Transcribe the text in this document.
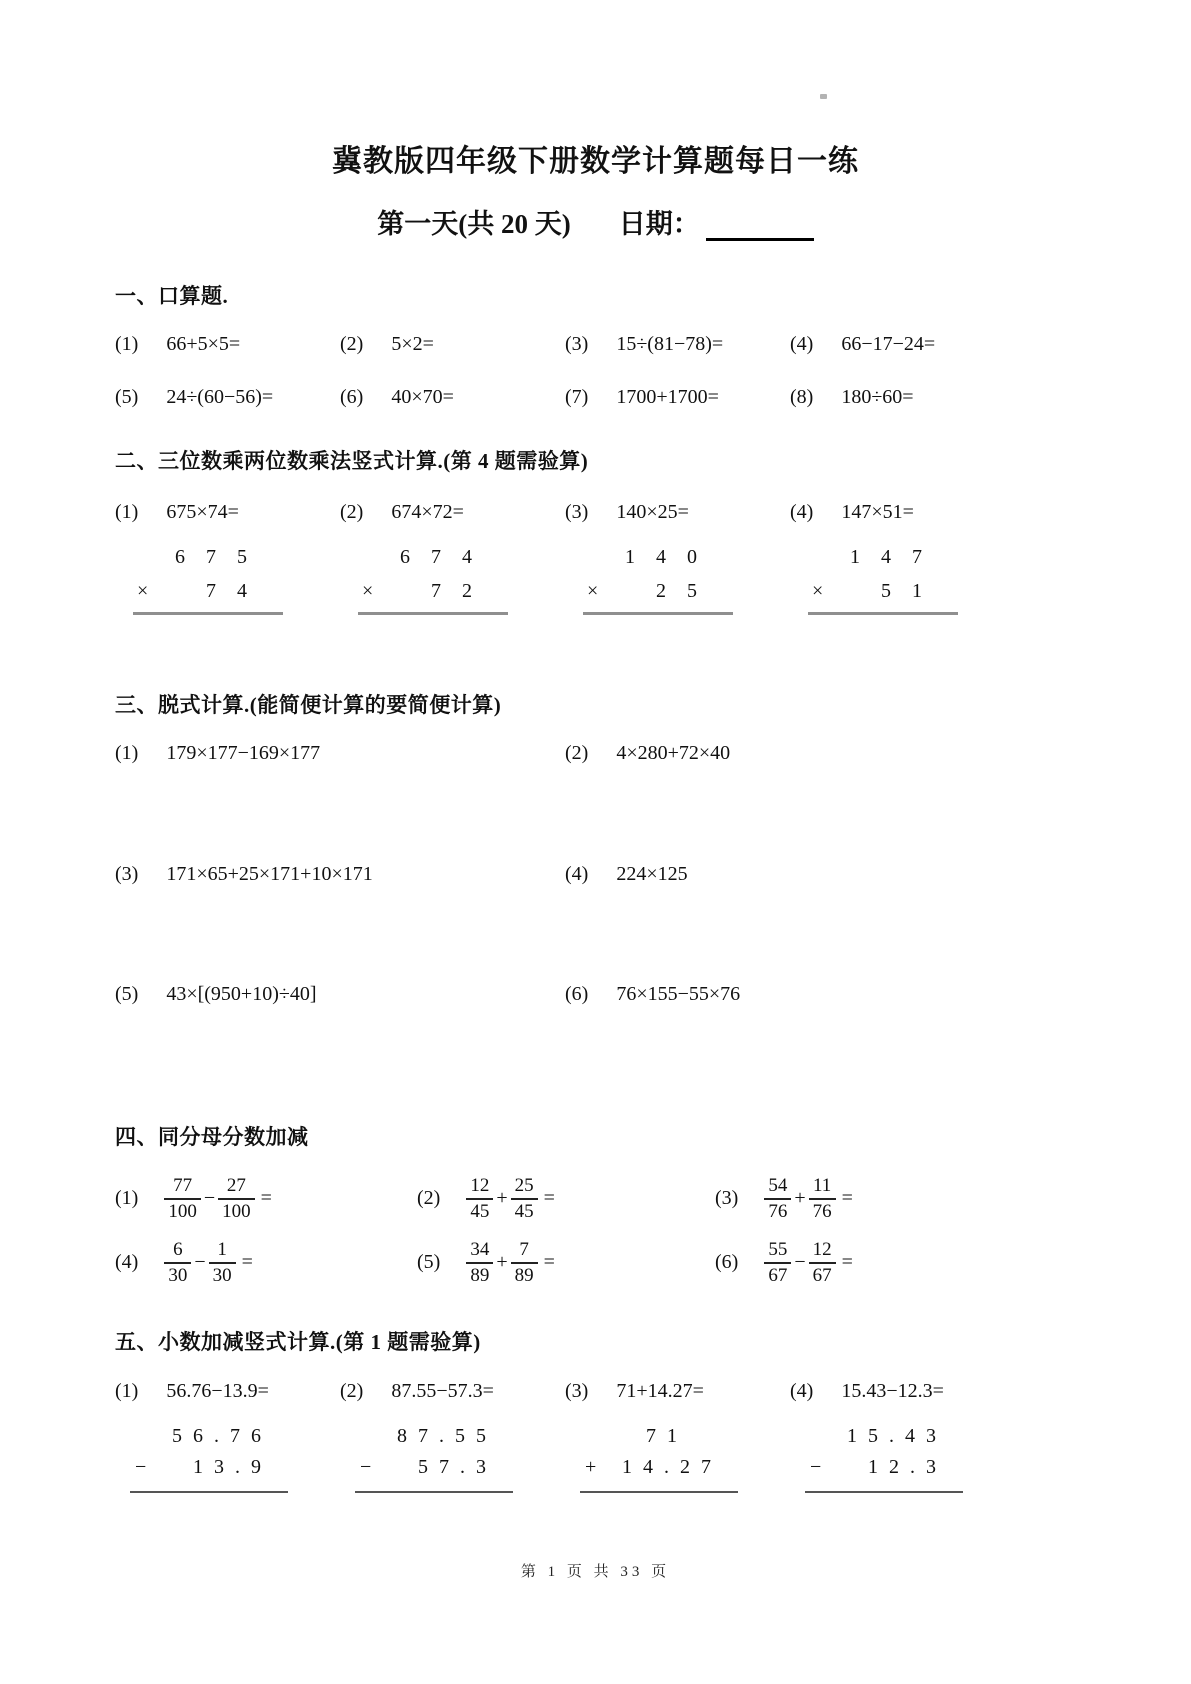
冀教版四年级下册数学计算题每日一练
第一天(共 20 天) 日期：
一、口算题.
(1) 66+5×5=	(2) 5×2=	(3) 15÷(81−78)=	(4) 66−17−24=
(5) 24÷(60−56)=	(6) 40×70=	(7) 1700+1700=	(8) 180÷60=
二、三位数乘两位数乘法竖式计算.(第 4 题需验算)
(1) 675×74=
6 7 5
×	7 4
(2) 674×72=
6 7 4
×	7 2
(3) 140×25=
1 4 0
×	2 5
(4) 147×51=
1 4 7
×	5 1
三、脱式计算.(能简便计算的要简便计算)
(1) 179×177−169×177	(2) 4×280+72×40
(3) 171×65+25×171+10×171	(4) 224×125
(5) 43×[(950+10)÷40]	(6) 76×155−55×76
四、同分母分数加减
$(1) \frac{77}{100} - \frac{27}{100}$ =	$(2) \frac{12}{45} + \frac{25}{45}$ =	$(3) \frac{54}{76} + \frac{11}{76}$ =
$(4) \frac{6}{30} - \frac{1}{30}$ =	$(5) \frac{34}{89} + \frac{7}{89}$ =	$(6) \frac{55}{67} - \frac{12}{67}$ =
五、小数加减竖式计算.(第 1 题需验算)
(1) 56.76−13.9=
5 6 . 7 6
− 1 3 . 9
(2) 87.55−57.3=
8 7 . 5 5
− 5 7 . 3
(3) 71+14.27=
7 1
+ 1 4 . 2 7
(4) 15.43−12.3=
1 5 . 4 3
− 1 2 . 3
第 1 页 共 33 页
